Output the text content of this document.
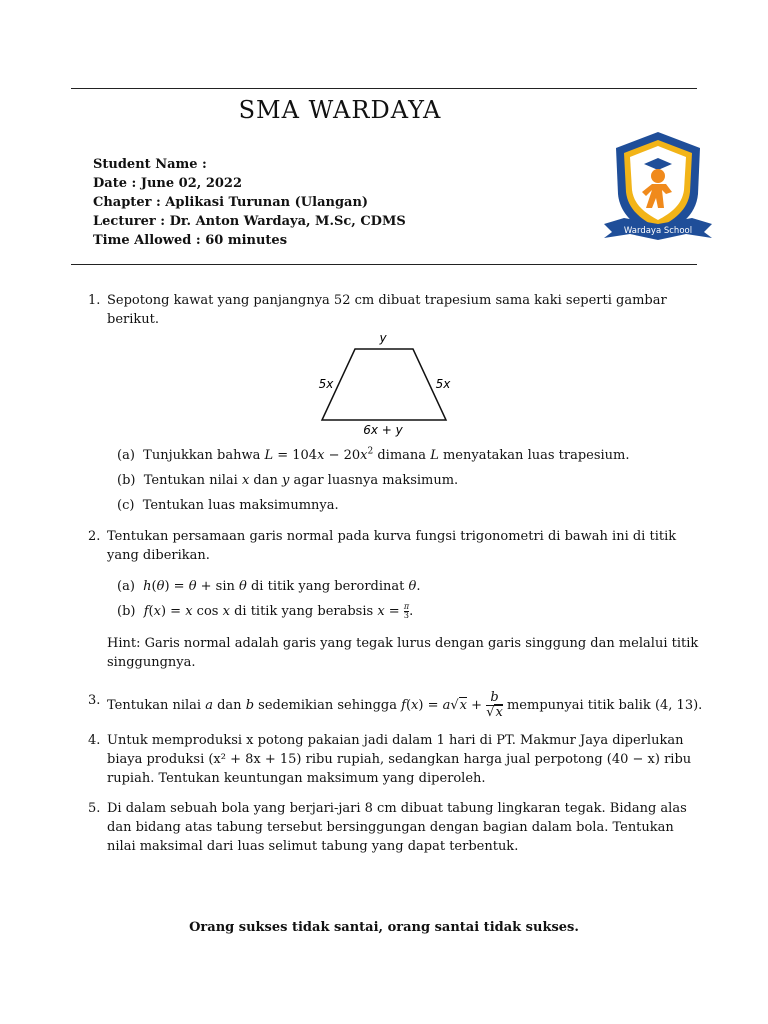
SMA WARDAYA
Student Name :
Date : June 02, 2022
Chapter : Aplikasi Turunan (Ulangan)
Lecturer : Dr. Anton Wardaya, M.Sc, CDMS
Time Allowed : 60 minutes
Wardaya School
1. Sepotong kawat yang panjangnya 52 cm dibuat trapesium sama kaki seperti gambar berikut.
y
5x	5x
6x + y
(a) Tunjukkan bahwa $L = 104x - 20x^2$ dimana L menyatakan luas trapesium.
(b) Tentukan nilai x dan y agar luasnya maksimum.
(c) Tentukan luas maksimumnya.
2. Tentukan persamaan garis normal pada kurva fungsi trigonometri di bawah ini di titik yang diberikan.
(a) h(θ) = θ + sin θ di titik yang berordinat θ.
(b) f(x) = x cos x di titik yang berabsis $x = \frac{\pi}{3}$.
Hint: Garis normal adalah garis yang tegak lurus dengan garis singgung dan melalui titik singgungnya.
3. Tentukan nilai a dan b sedemikian sehingga $f(x) = a√x + \frac{b}{√x}$ mempunyai titik balik (4, 13).
4. Untuk memproduksi x potong pakaian jadi dalam 1 hari di PT. Makmur Jaya diperlukan biaya produksi (x² + 8x + 15) ribu rupiah, sedangkan harga jual perpotong (40 − x) ribu rupiah. Tentukan keuntungan maksimum yang diperoleh.
5. Di dalam sebuah bola yang berjari-jari 8 cm dibuat tabung lingkaran tegak. Bidang alas dan bidang atas tabung tersebut bersinggungan dengan bagian dalam bola. Tentukan nilai maksimal dari luas selimut tabung yang dapat terbentuk.
Orang sukses tidak santai, orang santai tidak sukses.
